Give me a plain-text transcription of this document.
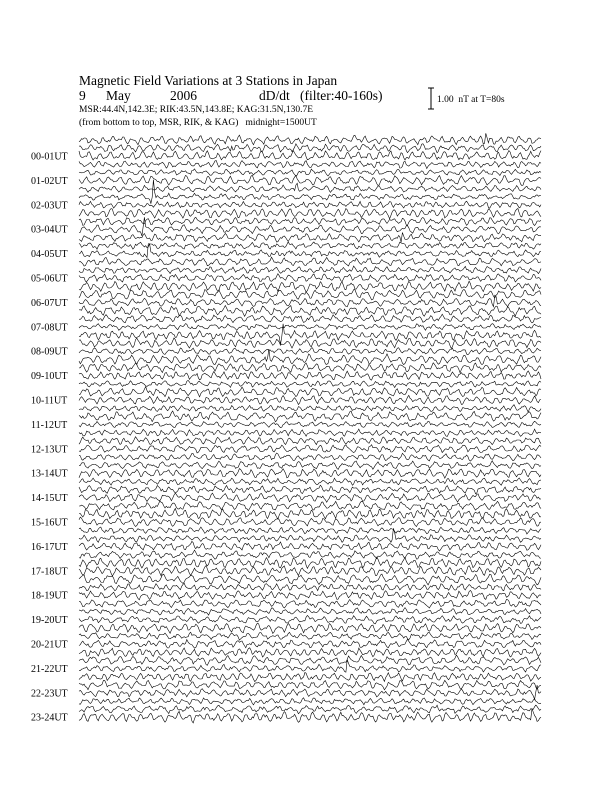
Magnetic Field Variations at 3 Stations in Japan

9

May

	2006

	dD/dt

(filter:40-160s)

MSR:44.4N,142.3E; RIK:43.5N,143.8E; KAG:31.5N,130.7E
(from bottom to top, MSR, RIK, & KAG)   midnight=1500UT
1.00  nT at T=80s
00-01UT
01-02UT
02-03UT
03-04UT
04-05UT
05-06UT
06-07UT
07-08UT
08-09UT
09-10UT
10-11UT
11-12UT
12-13UT
13-14UT
14-15UT
15-16UT
16-17UT
17-18UT
18-19UT
19-20UT
20-21UT
21-22UT
22-23UT
23-24UT
